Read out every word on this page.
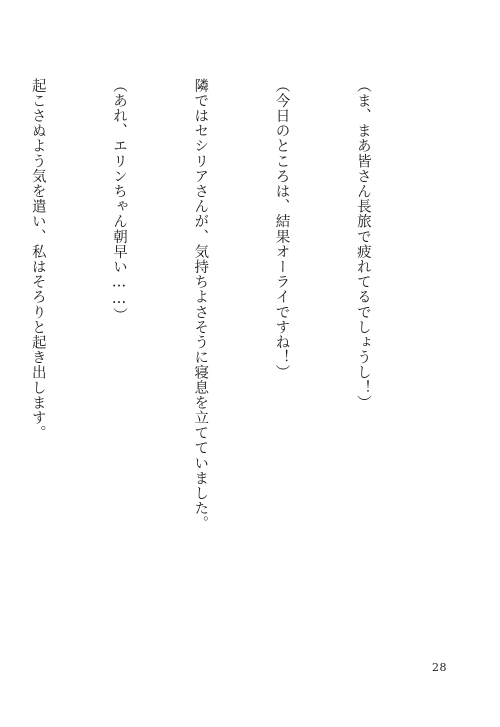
（ま、まあ皆さん長旅で疲れてるでしょうし！）

（今日のところは、結果オーライですね！）

隣ではセシリアさんが、気持ちよさそうに寝息を立てていました。

（あれ、エリンちゃん朝早い……）

起こさぬよう気を遣い、私はそろりと起き出します。

28
